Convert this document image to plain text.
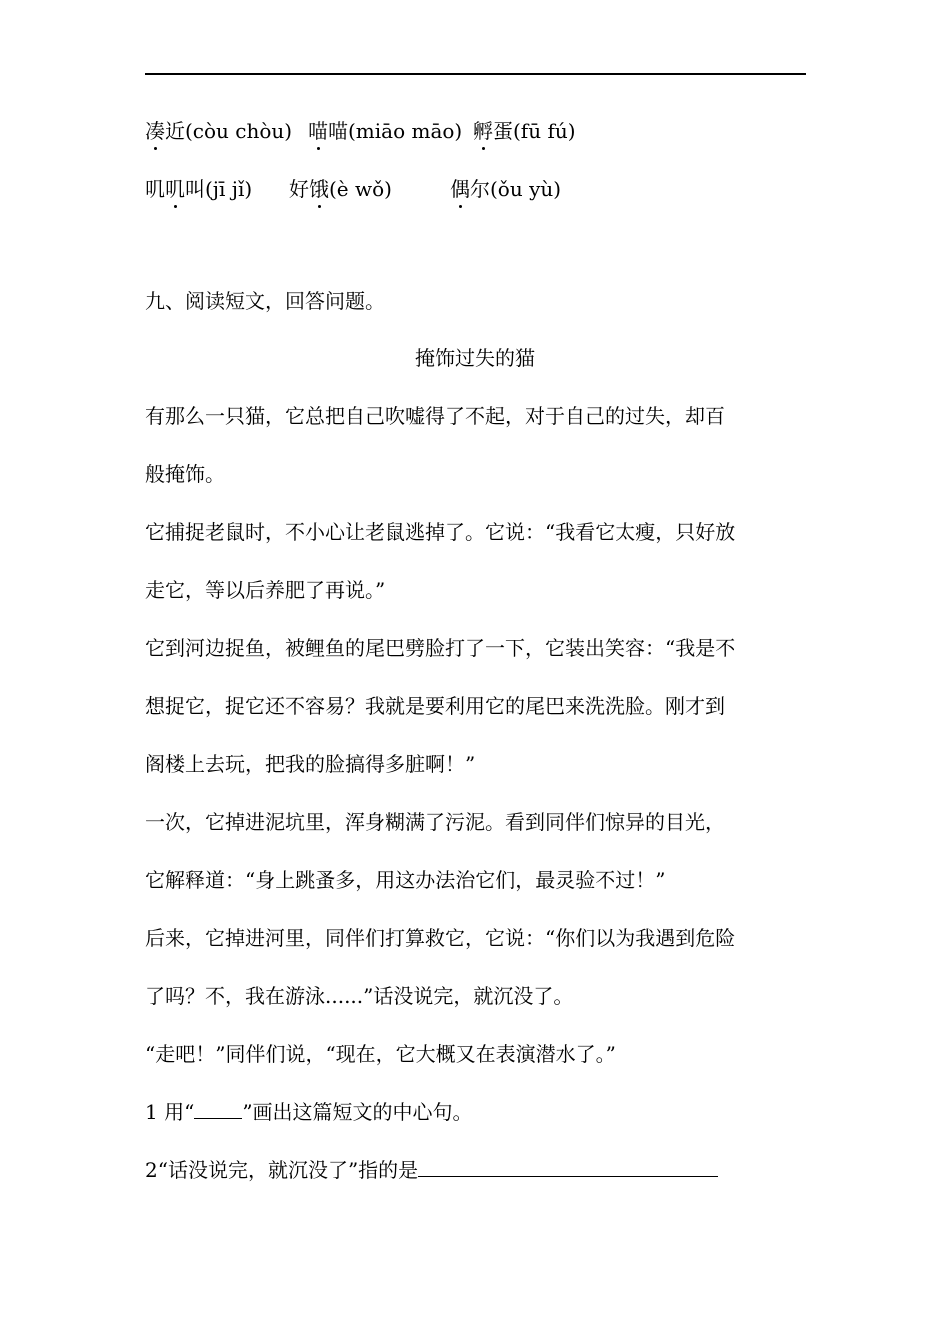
凑近(còu chòu) 喵喵(miāo māo) 孵蛋(fū fú)
叽叽叫(jī jǐ) 好饿(è wǒ)	偶尔(ǒu yù)
九、阅读短文，回答问题。
掩饰过失的猫
有那么一只猫，它总把自己吹嘘得了不起，对于自己的过失，却百
般掩饰。
它捕捉老鼠时，不小心让老鼠逃掉了。它说：“我看它太瘦，只好放
走它，等以后养肥了再说。”
它到河边捉鱼，被鲤鱼的尾巴劈脸打了一下，它装出笑容：“我是不
想捉它，捉它还不容易？我就是要利用它的尾巴来洗洗脸。刚才到
阁楼上去玩，把我的脸搞得多脏啊！”
一次，它掉进泥坑里，浑身糊满了污泥。看到同伴们惊异的目光，
它解释道：“身上跳蚤多，用这办法治它们，最灵验不过！”
后来，它掉进河里，同伴们打算救它，它说：“你们以为我遇到危险
了吗？不，我在游泳......”话没说完，就沉没了。
“走吧！”同伴们说，“现在，它大概又在表演潜水了。”
1 用“ ”画出这篇短文的中心句。
2“话没说完，就沉没了”指的是
